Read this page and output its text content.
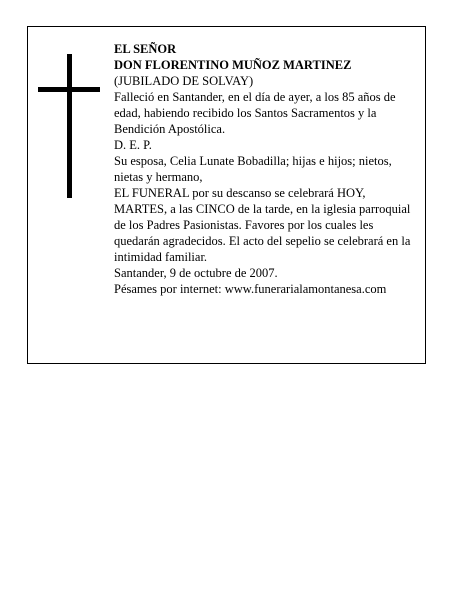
EL SEÑOR

DON FLORENTINO MUÑOZ MARTINEZ

(JUBILADO DE SOLVAY)

Falleció en Santander, en el día de ayer, a los 85 años de edad, habiendo recibido los Santos Sacramentos y la Bendición Apostólica.

D. E. P.

Su esposa, Celia Lunate Bobadilla; hijas e hijos; nietos, nietas y hermano,

EL FUNERAL por su descanso se celebrará HOY, MARTES, a las CINCO de la tarde, en la iglesia parroquial de los Padres Pasionistas. Favores por los cuales les quedarán agradecidos. El acto del sepelio se celebrará en la intimidad familiar.

Santander, 9 de octubre de 2007.

Pésames por internet: www.funerarialamontanesa.com
